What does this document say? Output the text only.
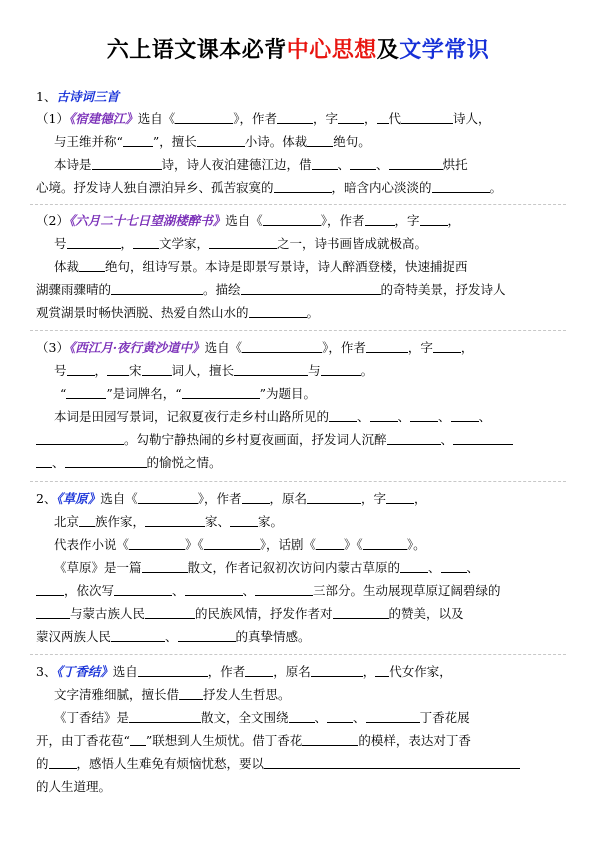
六上语文课本必背中心思想及文学常识
1、古诗词三首
（1）《宿建德江》选自《	》，作者	，字 ， 代	诗人，
与王维并称“ ”，擅长	小诗。体裁 绝句。
本诗是	诗，诗人夜泊建德江边，借 、 、	烘托
心境。抒发诗人独自漂泊异乡、孤苦寂寞的	，暗含内心淡淡的	。
（2）《六月二十七日望湖楼醉书》选自《	》，作者 ，字 ，
号	， 文学家，	之一，诗书画皆成就极高。
体裁 绝句，组诗写景。本诗是即景写景诗，诗人醉酒登楼，快速捕捉西
湖骤雨骤晴的	。描绘	的奇特美景，抒发诗人
观赏湖景时畅快洒脱、热爱自然山水的	。
（3）《西江月·夜行黄沙道中》选自《	》，作者	，字 ，
号 ， 宋 词人，擅长	与	。
“	”是词牌名，“	”为题目。
本词是田园写景词，记叙夏夜行走乡村山路所见的 、 、 、 、
。勾勒宁静热闹的乡村夏夜画面，抒发词人沉醉	、
、	的愉悦之情。
2、《草原》选自《	》，作者 ，原名	，字 ，
北京 族作家，	家、 家。
代表作小说《	》《	》，话剧《 》《	》。
《草原》是一篇	散文，作者记叙初次访问内蒙古草原的 、 、
，依次写	、	、	三部分。生动展现草原辽阔碧绿的
与蒙古族人民	的民族风情，抒发作者对	的赞美，以及
蒙汉两族人民	、	的真挚情感。
3、《丁香结》选自	，作者 ，原名	， 代女作家，
文字清雅细腻，擅长借 抒发人生哲思。
《丁香结》是	散文，全文围绕 、 、	丁香花展
开，由丁香花苞“ ”联想到人生烦忧。借丁香花	的模样，表达对丁香
的 ，感悟人生难免有烦恼忧愁，要以
的人生道理。
